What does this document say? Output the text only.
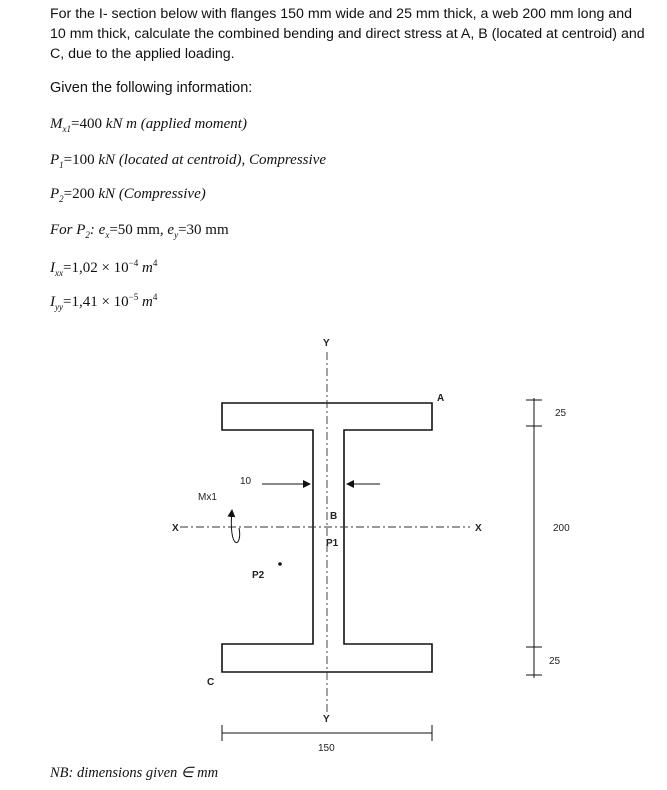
For the I- section below with flanges 150 mm wide and 25 mm thick, a web 200 mm long and 10 mm thick, calculate the combined bending and direct stress at A, B (located at centroid) and C, due to the applied loading.
Given the following information:
$M_{x1}=400$ kN m (applied moment)
$P_1=100$ kN (located at centroid), Compressive
$P_2=200$ kN (Compressive)
For $P_2$: $e_x=50$ mm, $e_y=30$ mm
$I_{xx}=1,02 \times 10^{-4}$ $m^4$
$I_{yy}=1,41 \times 10^{-5}$ $m^4$
Y
Y
X	X
A
B
C
P1
P2
10
Mx1
25
200
25
150
NB: dimensions given ∈ mm
